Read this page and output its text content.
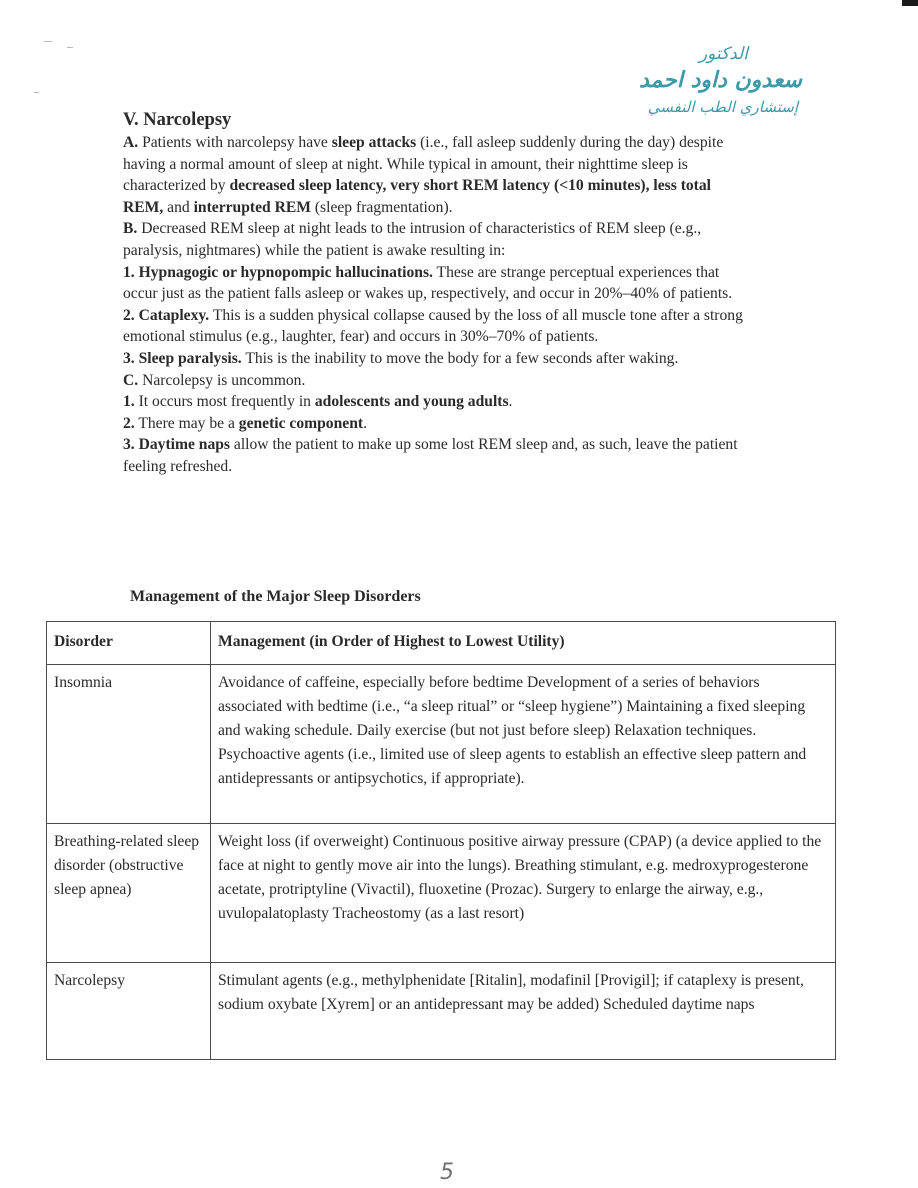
الدكتور
سعدون داود احمد
إستشاري الطب النفسي
V. Narcolepsy

A. Patients with narcolepsy have sleep attacks (i.e., fall asleep suddenly during the day) despite having a normal amount of sleep at night. While typical in amount, their nighttime sleep is characterized by decreased sleep latency, very short REM latency (<10 minutes), less total REM, and interrupted REM (sleep fragmentation).

B. Decreased REM sleep at night leads to the intrusion of characteristics of REM sleep (e.g., paralysis, nightmares) while the patient is awake resulting in:

1. Hypnagogic or hypnopompic hallucinations. These are strange perceptual experiences that occur just as the patient falls asleep or wakes up, respectively, and occur in 20%–40% of patients.

2. Cataplexy. This is a sudden physical collapse caused by the loss of all muscle tone after a strong emotional stimulus (e.g., laughter, fear) and occurs in 30%–70% of patients.

3. Sleep paralysis. This is the inability to move the body for a few seconds after waking.

C. Narcolepsy is uncommon.

1. It occurs most frequently in adolescents and young adults.

2. There may be a genetic component.

3. Daytime naps allow the patient to make up some lost REM sleep and, as such, leave the patient feeling refreshed.

Management of the Major Sleep Disorders
Disorder	Management (in Order of Highest to Lowest Utility)
Insomnia	Avoidance of caffeine, especially before bedtime Development of a series of behaviors associated with bedtime (i.e., “a sleep ritual” or “sleep hygiene”) Maintaining a fixed sleeping and waking schedule. Daily exercise (but not just before sleep) Relaxation techniques. Psychoactive agents (i.e., limited use of sleep agents to establish an effective sleep pattern and antidepressants or antipsychotics, if appropriate).
Breathing-related sleep disorder (obstructive sleep apnea)	Weight loss (if overweight) Continuous positive airway pressure (CPAP) (a device applied to the face at night to gently move air into the lungs). Breathing stimulant, e.g. medroxyprogesterone acetate, protriptyline (Vivactil), fluoxetine (Prozac). Surgery to enlarge the airway, e.g., uvulopalatoplasty Tracheostomy (as a last resort)
Narcolepsy	Stimulant agents (e.g., methylphenidate [Ritalin], modafinil [Provigil]; if cataplexy is present, sodium oxybate [Xyrem] or an antidepressant may be added) Scheduled daytime naps
5
